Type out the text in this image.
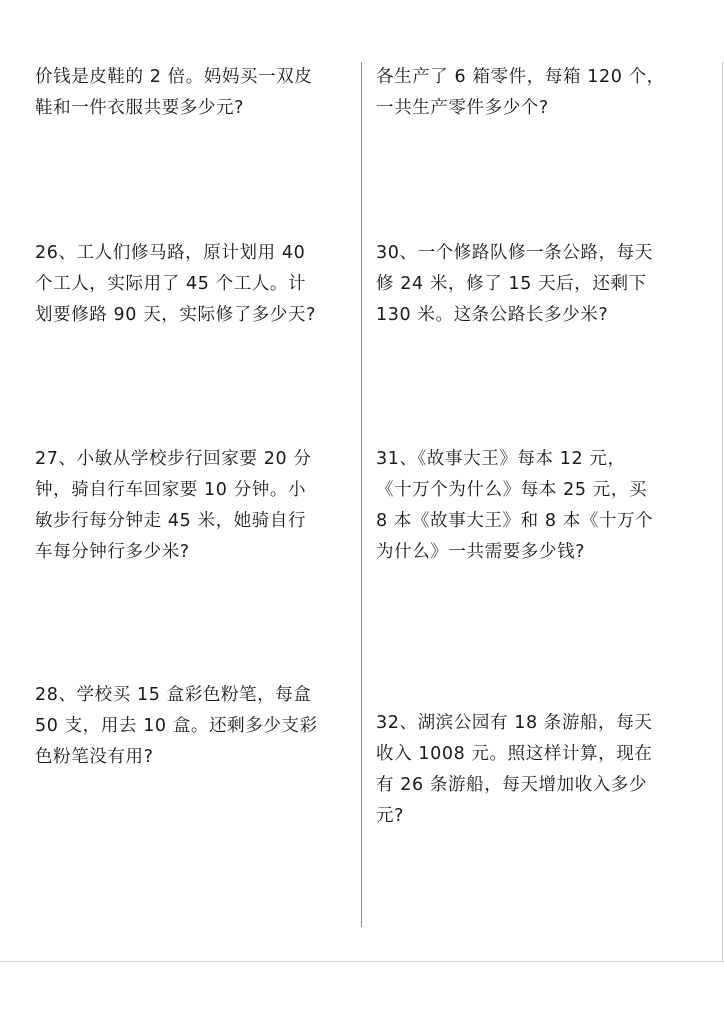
价钱是皮鞋的 2 倍。妈妈买一双皮
鞋和一件衣服共要多少元?
26、工人们修马路，原计划用 40
个工人，实际用了 45 个工人。计
划要修路 90 天，实际修了多少天?
27、小敏从学校步行回家要 20 分
钟，骑自行车回家要 10 分钟。小
敏步行每分钟走 45 米，她骑自行
车每分钟行多少米?
28、学校买 15 盒彩色粉笔，每盒
50 支，用去 10 盒。还剩多少支彩
色粉笔没有用?
各生产了 6 箱零件，每箱 120 个，
一共生产零件多少个?
30、一个修路队修一条公路，每天
修 24 米，修了 15 天后，还剩下
130 米。这条公路长多少米?
31、《故事大王》每本 12 元，
《十万个为什么》每本 25 元，买
8 本《故事大王》和 8 本《十万个
为什么》一共需要多少钱?
32、湖滨公园有 18 条游船，每天
收入 1008 元。照这样计算，现在
有 26 条游船，每天增加收入多少
元?
